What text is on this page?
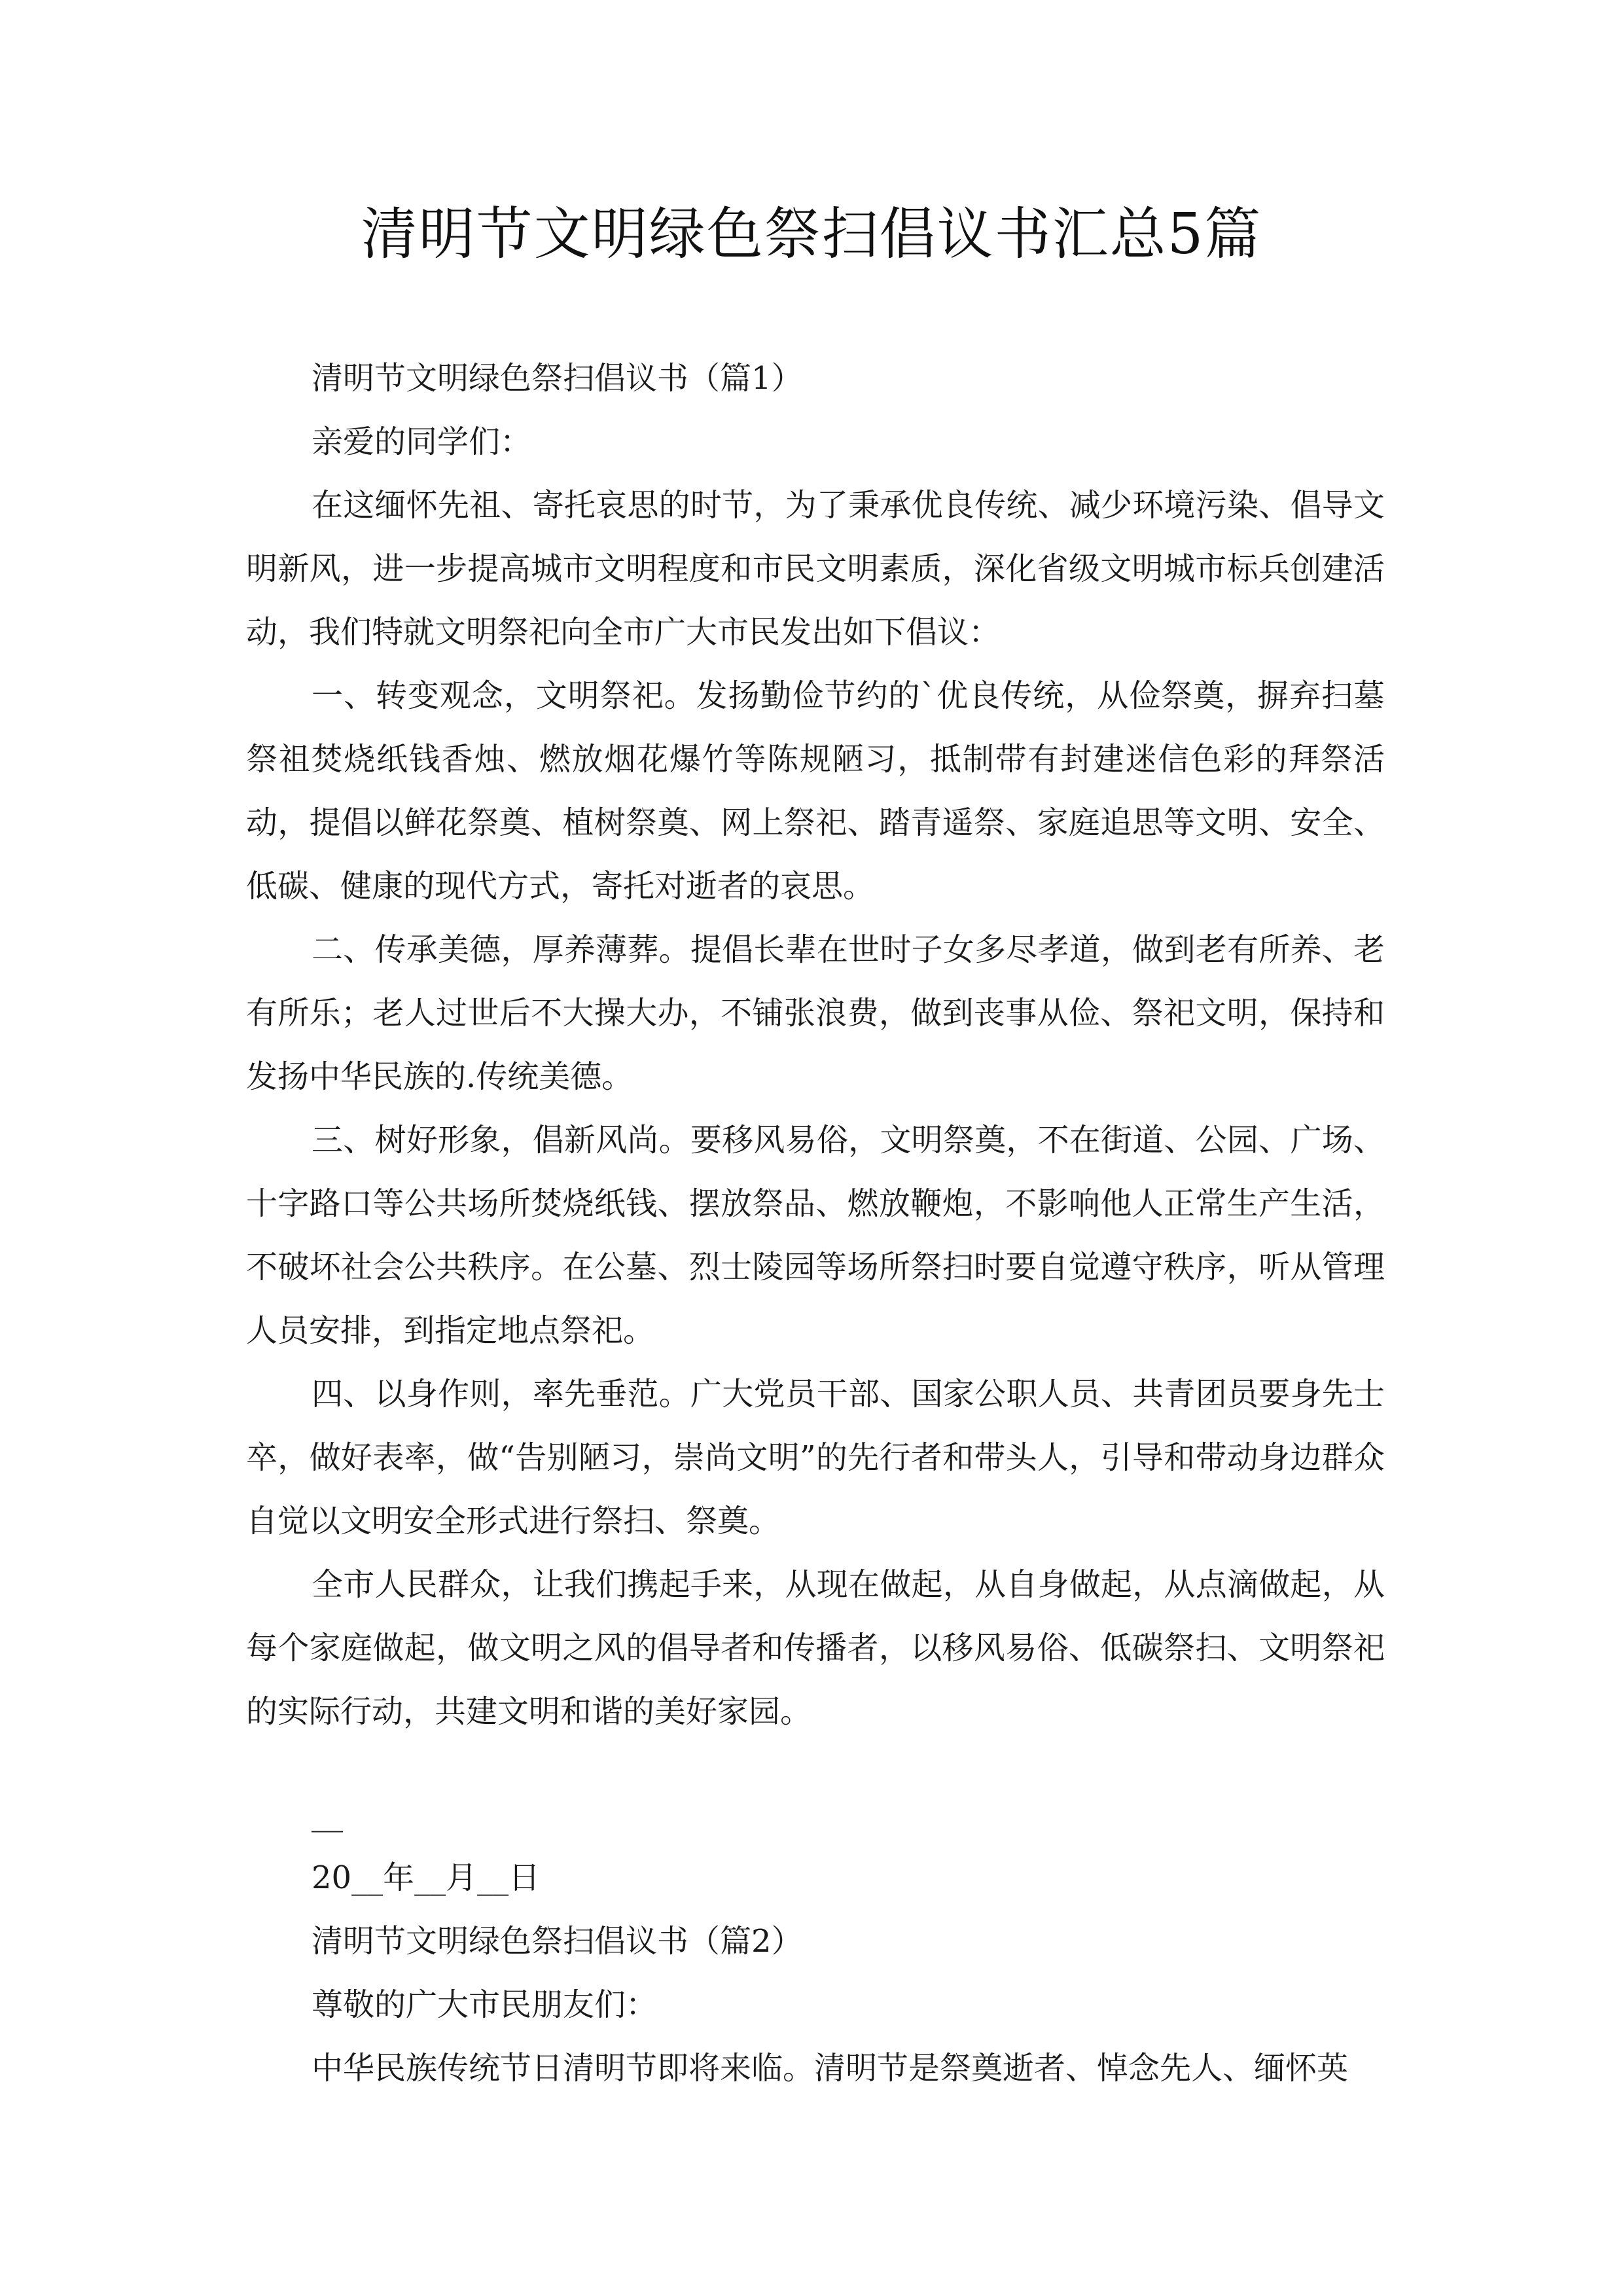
清明节文明绿色祭扫倡议书汇总5篇

清明节文明绿色祭扫倡议书（篇1）

亲爱的同学们：

在这缅怀先祖、寄托哀思的时节，为了秉承优良传统、减少环境污染、倡导文明新风，进一步提高城市文明程度和市民文明素质，深化省级文明城市标兵创建活动，我们特就文明祭祀向全市广大市民发出如下倡议：

一、转变观念，文明祭祀。发扬勤俭节约的`优良传统，从俭祭奠，摒弃扫墓祭祖焚烧纸钱香烛、燃放烟花爆竹等陈规陋习，抵制带有封建迷信色彩的拜祭活动，提倡以鲜花祭奠、植树祭奠、网上祭祀、踏青遥祭、家庭追思等文明、安全、低碳、健康的现代方式，寄托对逝者的哀思。

二、传承美德，厚养薄葬。提倡长辈在世时子女多尽孝道，做到老有所养、老有所乐；老人过世后不大操大办，不铺张浪费，做到丧事从俭、祭祀文明，保持和发扬中华民族的.传统美德。

三、树好形象，倡新风尚。要移风易俗，文明祭奠，不在街道、公园、广场、十字路口等公共场所焚烧纸钱、摆放祭品、燃放鞭炮，不影响他人正常生产生活，不破坏社会公共秩序。在公墓、烈士陵园等场所祭扫时要自觉遵守秩序，听从管理人员安排，到指定地点祭祀。

四、以身作则，率先垂范。广大党员干部、国家公职人员、共青团员要身先士卒，做好表率，做“告别陋习，崇尚文明”的先行者和带头人，引导和带动身边群众自觉以文明安全形式进行祭扫、祭奠。

全市人民群众，让我们携起手来，从现在做起，从自身做起，从点滴做起，从每个家庭做起，做文明之风的倡导者和传播者，以移风易俗、低碳祭扫、文明祭祀的实际行动，共建文明和谐的美好家园。

__

20__年__月__日

清明节文明绿色祭扫倡议书（篇2）

尊敬的广大市民朋友们：

中华民族传统节日清明节即将来临。清明节是祭奠逝者、悼念先人、缅怀英
